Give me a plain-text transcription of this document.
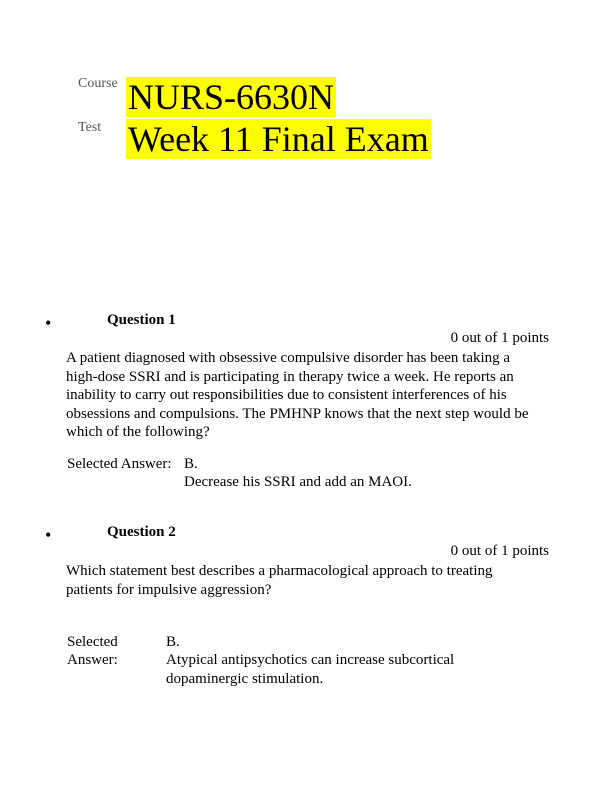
Course NURS-6630N
Test Week 11 Final Exam
•	Question 1
0 out of 1 points
A patient diagnosed with obsessive compulsive disorder has been taking a high-dose SSRI and is participating in therapy twice a week. He reports an inability to carry out responsibilities due to consistent interferences of his obsessions and compulsions. The PMHNP knows that the next step would be which of the following?
Selected Answer: B.
Decrease his SSRI and add an MAOI.
•	Question 2
0 out of 1 points
Which statement best describes a pharmacological approach to treating patients for impulsive aggression?
Selected
Answer:
B.
Atypical antipsychotics can increase subcortical dopaminergic stimulation.
